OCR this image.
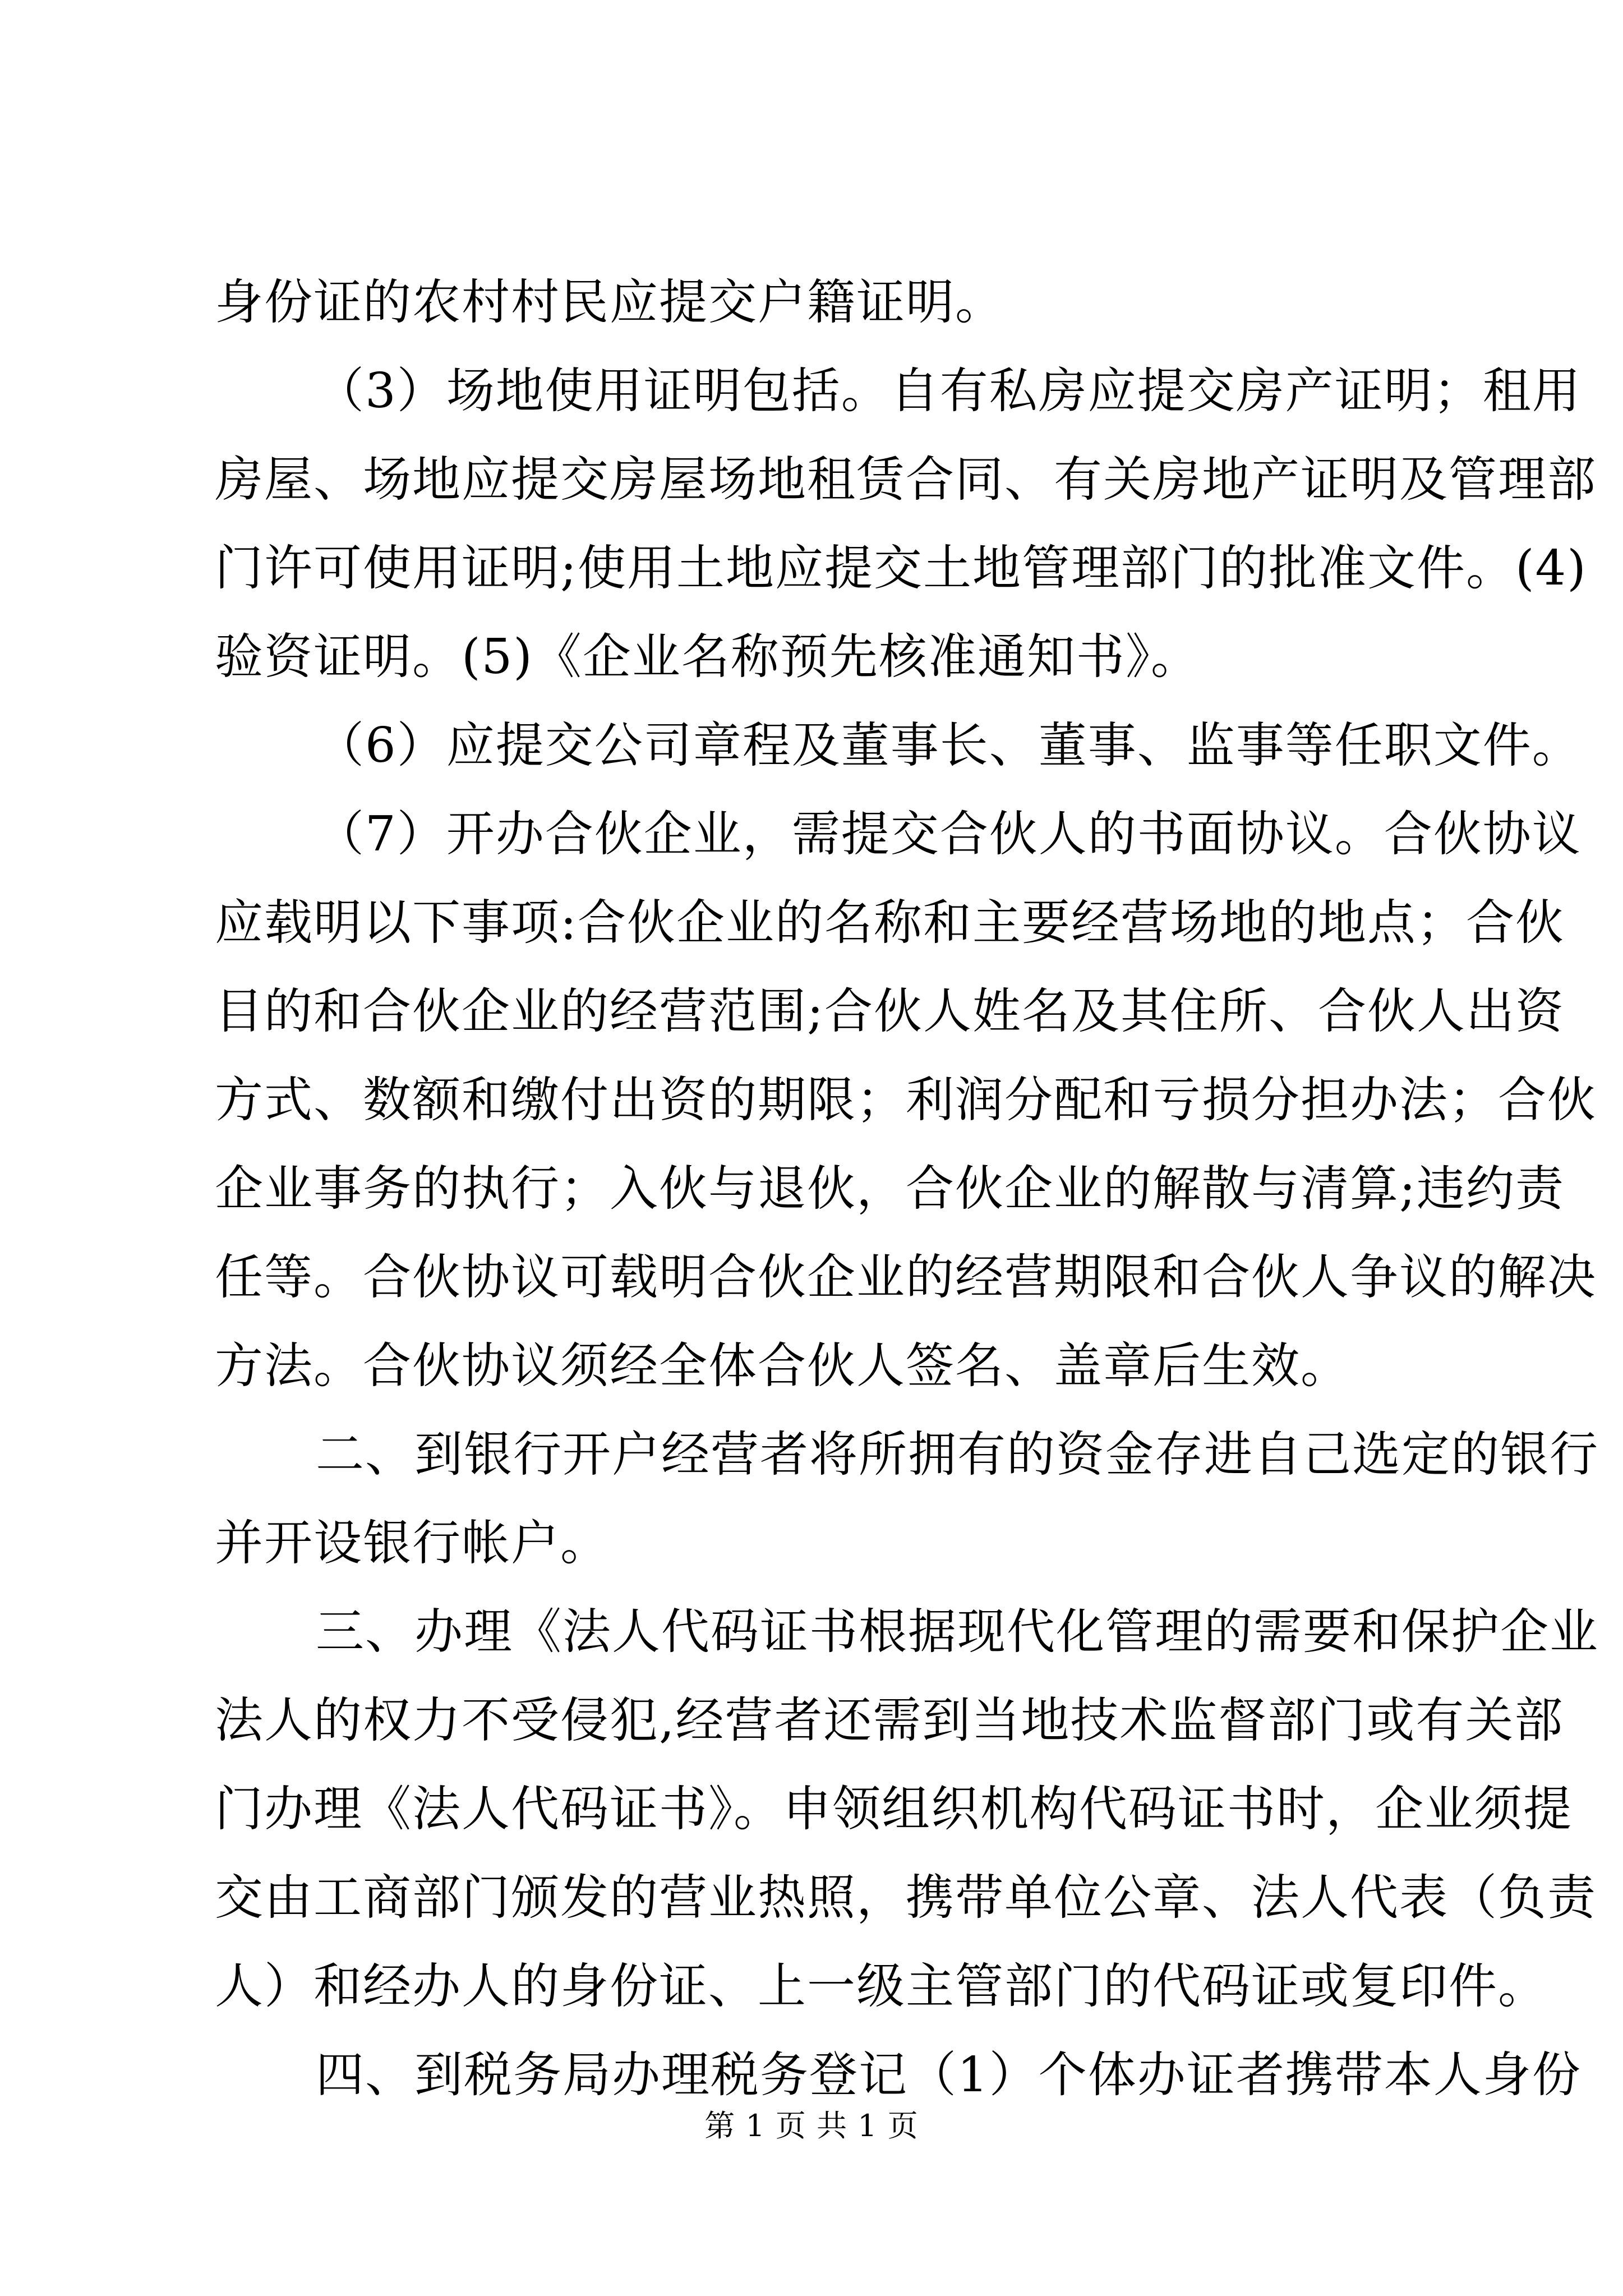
身份证的农村村民应提交户籍证明。
（3）场地使用证明包括。自有私房应提交房产证明；租用
房屋、场地应提交房屋场地租赁合同、有关房地产证明及管理部
门许可使用证明;使用土地应提交土地管理部门的批准文件。(4)
验资证明。(5)《企业名称预先核准通知书》。
（6）应提交公司章程及董事长、董事、监事等任职文件。
（7）开办合伙企业，需提交合伙人的书面协议。合伙协议
应载明以下事项:合伙企业的名称和主要经营场地的地点；合伙
目的和合伙企业的经营范围;合伙人姓名及其住所、合伙人出资
方式、数额和缴付出资的期限；利润分配和亏损分担办法；合伙
企业事务的执行；入伙与退伙，合伙企业的解散与清算;违约责
任等。合伙协议可载明合伙企业的经营期限和合伙人争议的解决
方法。合伙协议须经全体合伙人签名、盖章后生效。
二、到银行开户经营者将所拥有的资金存进自己选定的银行
并开设银行帐户。
三、办理《法人代码证书根据现代化管理的需要和保护企业
法人的权力不受侵犯,经营者还需到当地技术监督部门或有关部
门办理《法人代码证书》。申领组织机构代码证书时，企业须提
交由工商部门颁发的营业热照，携带单位公章、法人代表（负责
人）和经办人的身份证、上一级主管部门的代码证或复印件。
四、到税务局办理税务登记（1）个体办证者携带本人身份
第 1 页 共 1 页
